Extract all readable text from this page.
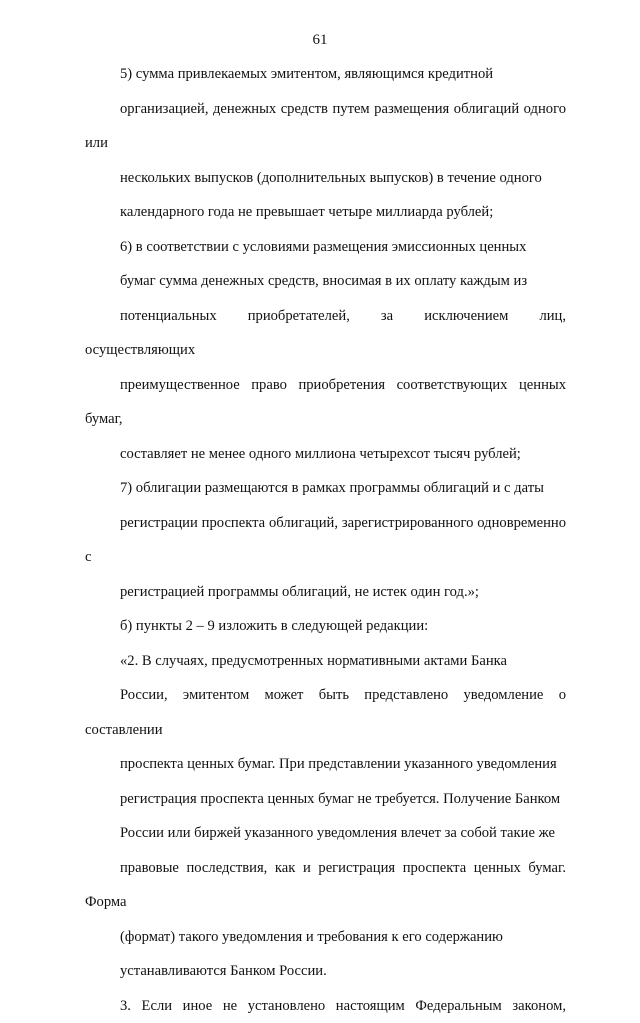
61

5) сумма привлекаемых эмитентом, являющимся кредитной
организацией, денежных средств путем размещения облигаций одного или
нескольких выпусков (дополнительных выпусков) в течение одного
календарного года не превышает четыре миллиарда рублей;

6) в соответствии с условиями размещения эмиссионных ценных
бумаг сумма денежных средств, вносимая в их оплату каждым из
потенциальных приобретателей, за исключением лиц, осуществляющих
преимущественное право приобретения соответствующих ценных бумаг,
составляет не менее одного миллиона четырехсот тысяч рублей;

7) облигации размещаются в рамках программы облигаций и с даты
регистрации проспекта облигаций, зарегистрированного одновременно с
регистрацией программы облигаций, не истек один год.»;

б) пункты 2 – 9 изложить в следующей редакции:

«2. В случаях, предусмотренных нормативными актами Банка
России, эмитентом может быть представлено уведомление о составлении
проспекта ценных бумаг. При представлении указанного уведомления
регистрация проспекта ценных бумаг не требуется. Получение Банком
России или биржей указанного уведомления влечет за собой такие же
правовые последствия, как и регистрация проспекта ценных бумаг. Форма
(формат) такого уведомления и требования к его содержанию
устанавливаются Банком России.

3. Если иное не установлено настоящим Федеральным законом,
